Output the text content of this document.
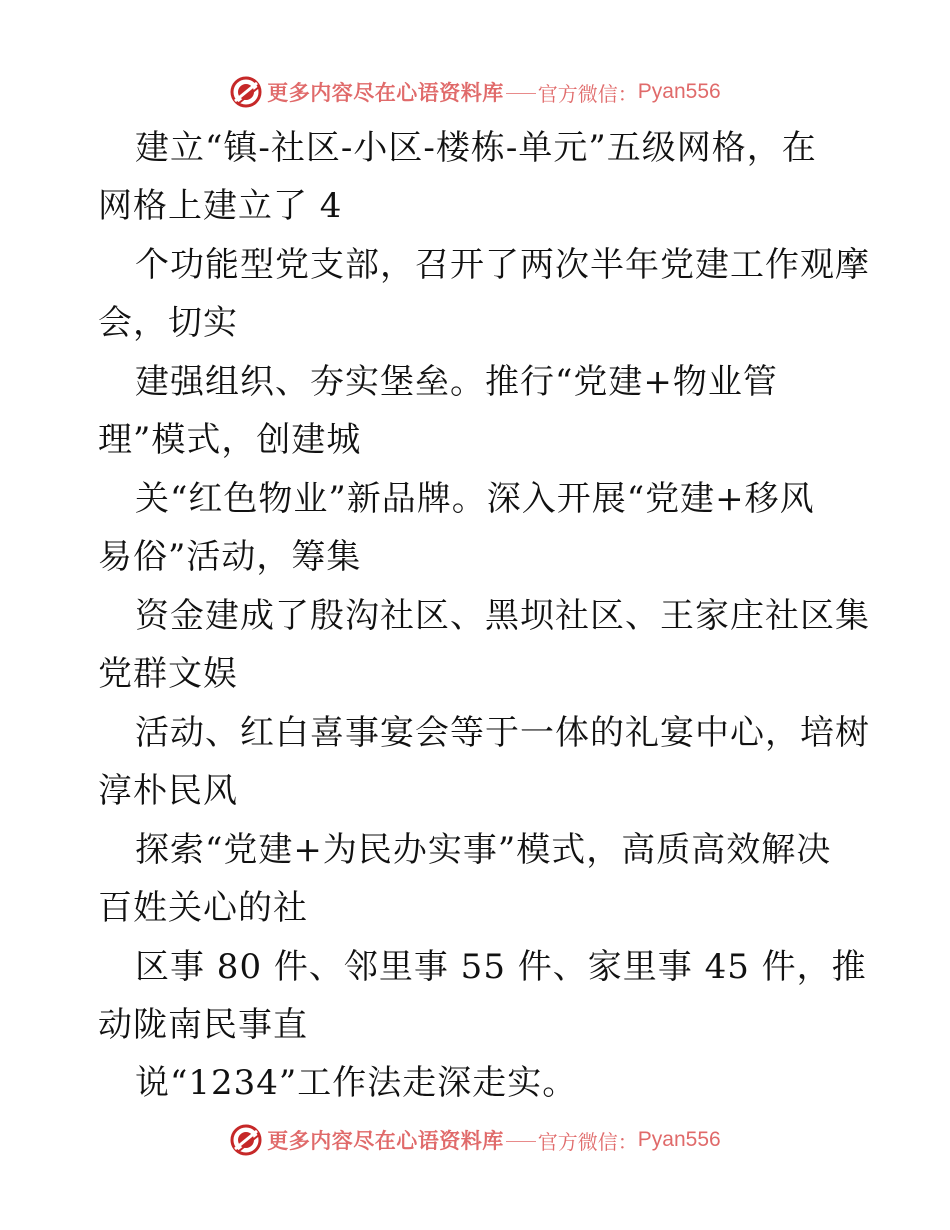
更多内容尽在心语资料库 官方微信： Pyan556
建立“镇-社区-小区-楼栋-单元”五级网格，在
网格上建立了 4
个功能型党支部，召开了两次半年党建工作观摩
会，切实
建强组织、夯实堡垒。推行“党建+物业管
理”模式，创建城
关“红色物业”新品牌。深入开展“党建+移风
易俗”活动，筹集
资金建成了殷沟社区、黑坝社区、王家庄社区集
党群文娱
活动、红白喜事宴会等于一体的礼宴中心，培树
淳朴民风
探索“党建+为民办实事”模式，高质高效解决
百姓关心的社
区事 80 件、邻里事 55 件、家里事 45 件，推
动陇南民事直
说“1234”工作法走深走实。
更多内容尽在心语资料库 官方微信： Pyan556
